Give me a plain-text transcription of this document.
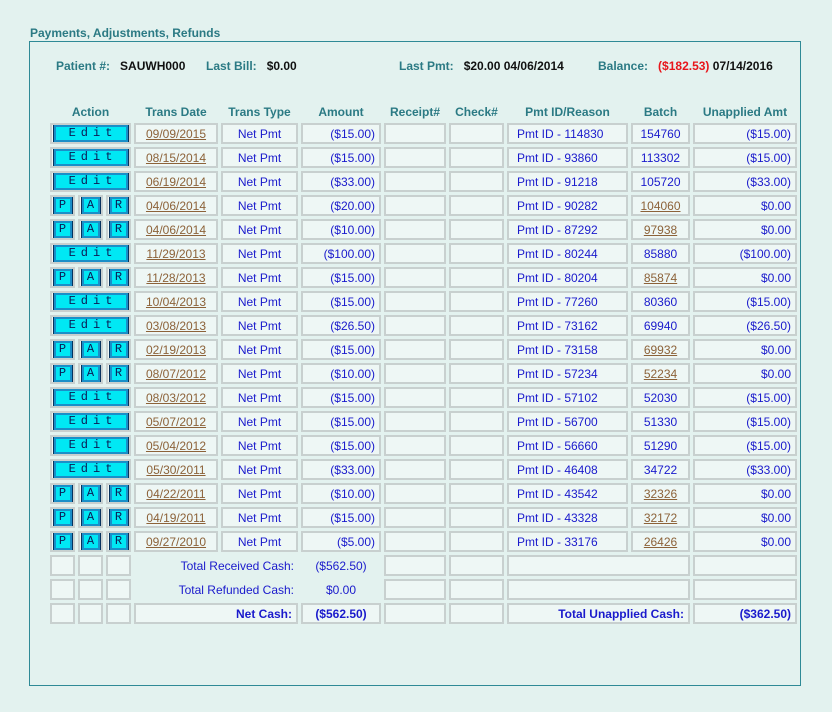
Payments, Adjustments, Refunds
Patient #: SAUWH000 Last Bill: $0.00	Last Pmt: $20.00 04/06/2014	Balance: ($182.53) 07/14/2016
Action			Trans Date	Trans Type	Amount	Receipt#	Check#	Pmt ID/Reason	Batch	Unapplied Amt
Edit			09/09/2015	Net Pmt	($15.00)			Pmt ID - 114830	154760	($15.00)
Edit			08/15/2014	Net Pmt	($15.00)			Pmt ID - 93860	113302	($15.00)
Edit			06/19/2014	Net Pmt	($33.00)			Pmt ID - 91218	105720	($33.00)
P	A	R	04/06/2014	Net Pmt	($20.00)			Pmt ID - 90282	104060	$0.00
P	A	R	04/06/2014	Net Pmt	($10.00)			Pmt ID - 87292	97938	$0.00
Edit			11/29/2013	Net Pmt	($100.00)			Pmt ID - 80244	85880	($100.00)
P	A	R	11/28/2013	Net Pmt	($15.00)			Pmt ID - 80204	85874	$0.00
Edit			10/04/2013	Net Pmt	($15.00)			Pmt ID - 77260	80360	($15.00)
Edit			03/08/2013	Net Pmt	($26.50)			Pmt ID - 73162	69940	($26.50)
P	A	R	02/19/2013	Net Pmt	($15.00)			Pmt ID - 73158	69932	$0.00
P	A	R	08/07/2012	Net Pmt	($10.00)			Pmt ID - 57234	52234	$0.00
Edit			08/03/2012	Net Pmt	($15.00)			Pmt ID - 57102	52030	($15.00)
Edit			05/07/2012	Net Pmt	($15.00)			Pmt ID - 56700	51330	($15.00)
Edit			05/04/2012	Net Pmt	($15.00)			Pmt ID - 56660	51290	($15.00)
Edit			05/30/2011	Net Pmt	($33.00)			Pmt ID - 46408	34722	($33.00)
P	A	R	04/22/2011	Net Pmt	($10.00)			Pmt ID - 43542	32326	$0.00
P	A	R	04/19/2011	Net Pmt	($15.00)			Pmt ID - 43328	32172	$0.00
P	A	R	09/27/2010	Net Pmt	($5.00)			Pmt ID - 33176	26426	$0.00
			Total Received Cash:		($562.50)					
			Total Refunded Cash:		$0.00					
			Net Cash:		($562.50)			Total Unapplied Cash:		($362.50)
